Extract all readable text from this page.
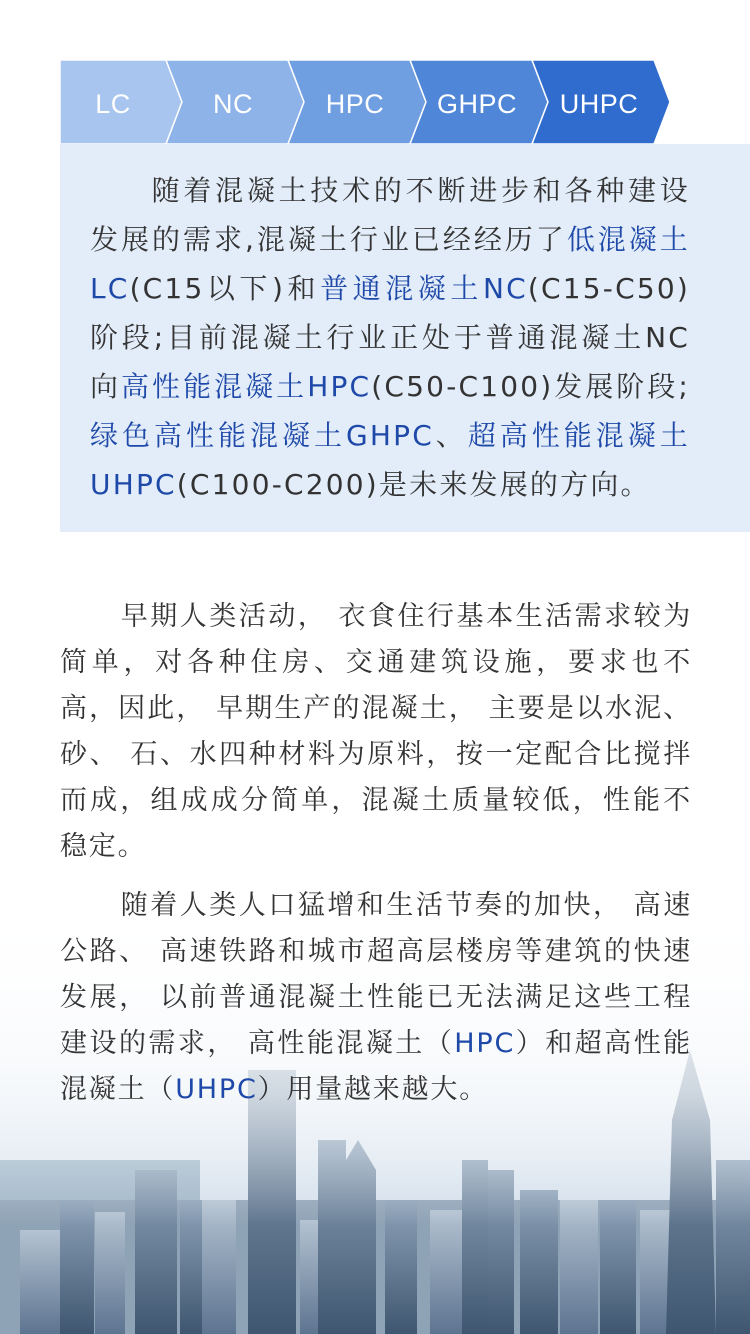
LC	NC	HPC	GHPC	UHPC
随着混凝土技术的不断进步和各种建设发展的需求,混凝土行业已经经历了低混凝土LC(C15以下)和普通混凝土NC(C15-C50)阶段;目前混凝土行业正处于普通混凝土NC向高性能混凝土HPC(C50-C100)发展阶段;绿色高性能混凝土GHPC、超高性能混凝土UHPC(C100-C200)是未来发展的方向。
早期人类活动， 衣食住行基本生活需求较为简单，对各种住房、交通建筑设施，要求也不高，因此， 早期生产的混凝土， 主要是以水泥、 砂、 石、水四种材料为原料，按一定配合比搅拌而成，组成成分简单，混凝土质量较低，性能不稳定。
随着人类人口猛增和生活节奏的加快， 高速公路、 高速铁路和城市超高层楼房等建筑的快速发展， 以前普通混凝土性能已无法满足这些工程建设的需求， 高性能混凝土（HPC）和超高性能混凝土（UHPC）用量越来越大。
